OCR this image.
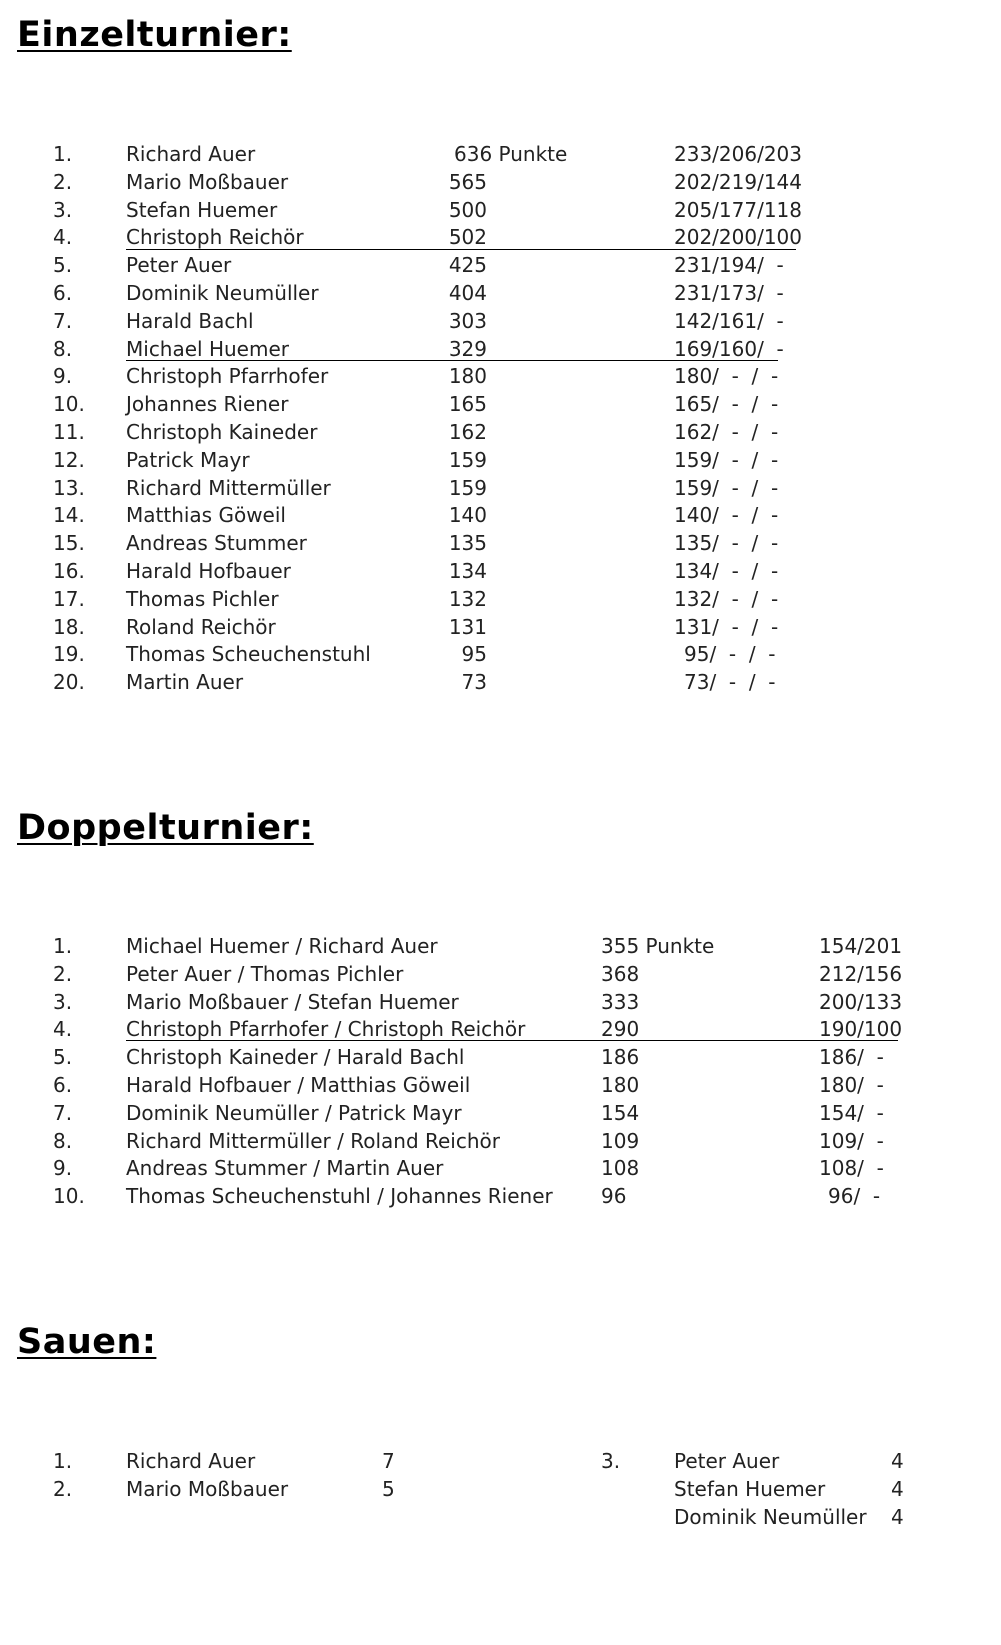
Einzelturnier:
1.	Richard Auer	636 Punkte	233/206/203
2.	Mario Moßbauer	565	202/219/144
3.	Stefan Huemer	500	205/177/118
4.	Christoph Reichör	502	202/200/100
5.	Peter Auer	425	231/194/  -
6.	Dominik Neumüller	404	231/173/  -
7.	Harald Bachl	303	142/161/  -
8.	Michael Huemer	329	169/160/  -
9.	Christoph Pfarrhofer	180	180/  -  /  -
10. Johannes Riener	165	165/  -  /  -
11. Christoph Kaineder	162	162/  -  /  -
12. Patrick Mayr	159	159/  -  /  -
13. Richard Mittermüller	159	159/  -  /  -
14. Matthias Göweil	140	140/  -  /  -
15. Andreas Stummer	135	135/  -  /  -
16. Harald Hofbauer	134	134/  -  /  -
17. Thomas Pichler	132	132/  -  /  -
18. Roland Reichör	131	131/  -  /  -
19. Thomas Scheuchenstuhl	95	95/  -  /  -
20. Martin Auer	73	73/  -  /  -
Doppelturnier:
1.	Michael Huemer / Richard Auer	355 Punkte	154/201
2.	Peter Auer / Thomas Pichler	368	212/156
3.	Mario Moßbauer / Stefan Huemer	333	200/133
4.	Christoph Pfarrhofer / Christoph Reichör	290	190/100
5.	Christoph Kaineder / Harald Bachl	186	186/  -
6.	Harald Hofbauer / Matthias Göweil	180	180/  -
7.	Dominik Neumüller / Patrick Mayr	154	154/  -
8.	Richard Mittermüller / Roland Reichör	109	109/  -
9.	Andreas Stummer / Martin Auer	108	108/  -
10. Thomas Scheuchenstuhl / Johannes Riener 96	96/  -
Sauen:
1.	Richard Auer	7
2.	Mario Moßbauer	5
3.	Peter Auer	4
Stefan Huemer	4
Dominik Neumüller 4
